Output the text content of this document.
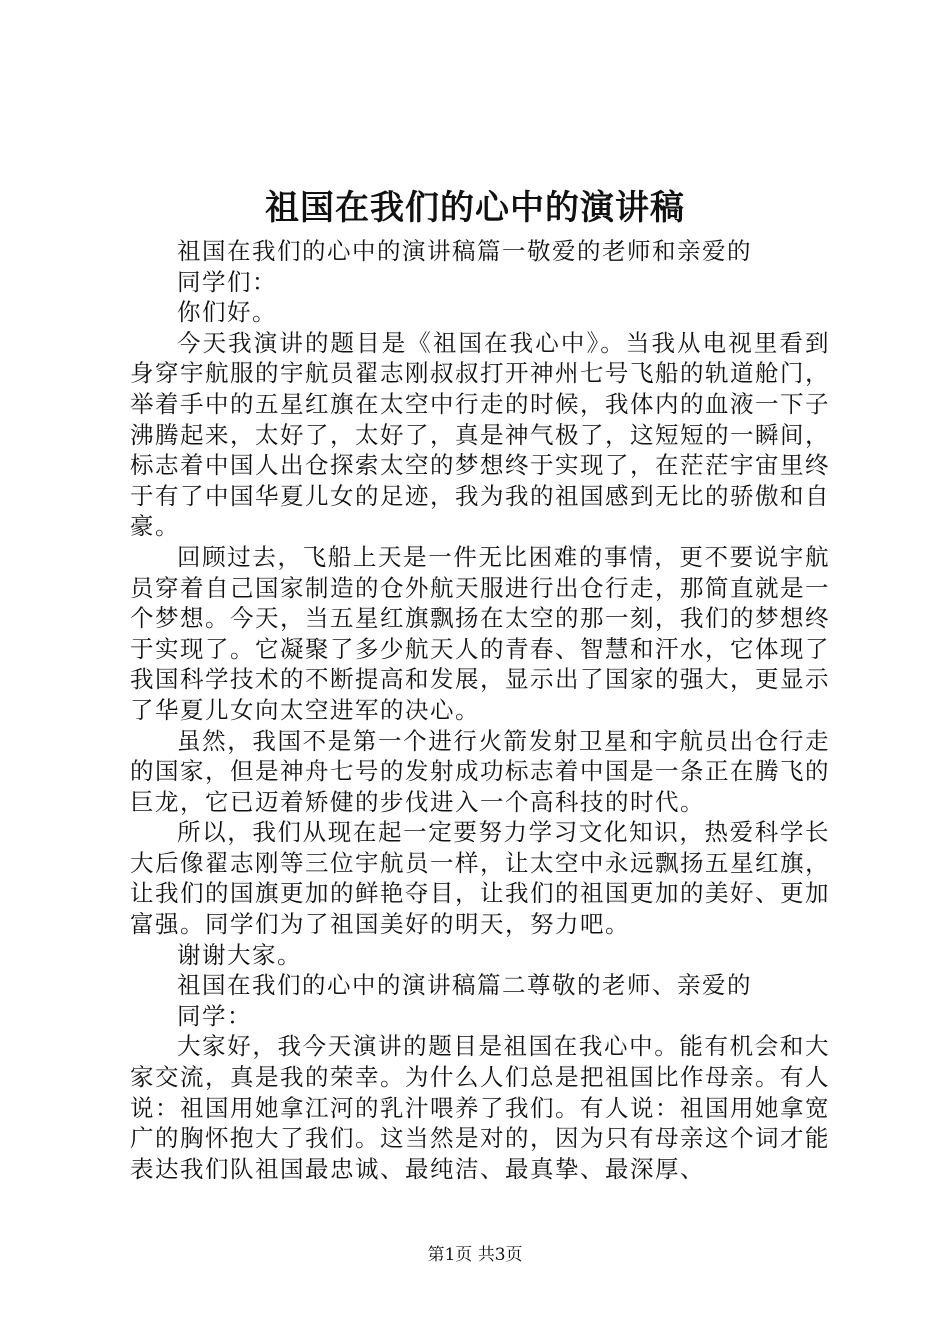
祖国在我们的心中的演讲稿

祖国在我们的心中的演讲稿篇一敬爱的老师和亲爱的

同学们：

你们好。

今天我演讲的题目是《祖国在我心中》。当我从电视里看到身穿宇航服的宇航员翟志刚叔叔打开神州七号飞船的轨道舱门，举着手中的五星红旗在太空中行走的时候，我体内的血液一下子沸腾起来，太好了，太好了，真是神气极了，这短短的一瞬间，标志着中国人出仓探索太空的梦想终于实现了，在茫茫宇宙里终于有了中国华夏儿女的足迹，我为我的祖国感到无比的骄傲和自豪。

回顾过去，飞船上天是一件无比困难的事情，更不要说宇航员穿着自己国家制造的仓外航天服进行出仓行走，那简直就是一个梦想。今天，当五星红旗飘扬在太空的那一刻，我们的梦想终于实现了。它凝聚了多少航天人的青春、智慧和汗水，它体现了我国科学技术的不断提高和发展，显示出了国家的强大，更显示了华夏儿女向太空进军的决心。

虽然，我国不是第一个进行火箭发射卫星和宇航员出仓行走的国家，但是神舟七号的发射成功标志着中国是一条正在腾飞的巨龙，它已迈着矫健的步伐进入一个高科技的时代。

所以，我们从现在起一定要努力学习文化知识，热爱科学长大后像翟志刚等三位宇航员一样，让太空中永远飘扬五星红旗，让我们的国旗更加的鲜艳夺目，让我们的祖国更加的美好、更加富强。同学们为了祖国美好的明天，努力吧。

谢谢大家。

祖国在我们的心中的演讲稿篇二尊敬的老师、亲爱的

同学：

大家好，我今天演讲的题目是祖国在我心中。能有机会和大家交流，真是我的荣幸。为什么人们总是把祖国比作母亲。有人说：祖国用她拿江河的乳汁喂养了我们。有人说：祖国用她拿宽广的胸怀抱大了我们。这当然是对的，因为只有母亲这个词才能表达我们队祖国最忠诚、最纯洁、最真挚、最深厚、

第1页 共3页
